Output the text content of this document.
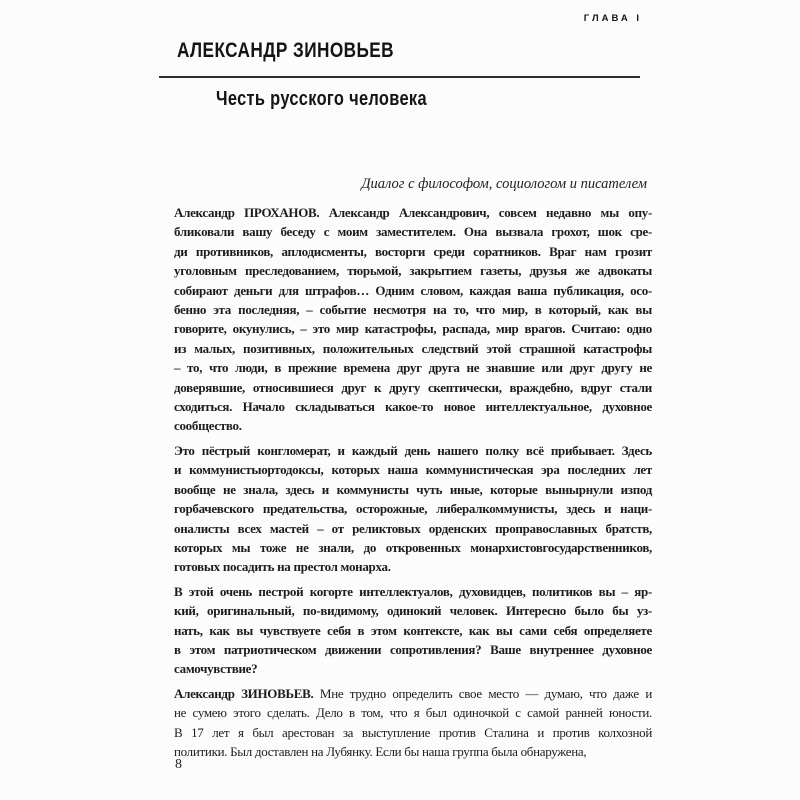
ГЛАВА I
АЛЕКСАНДР ЗИНОВЬЕВ
Честь русского человека
Диалог с философом, социологом и писателем
Александр ПРОХАНОВ. Александр Александрович, совсем недавно мы опу-
бликовали вашу беседу с моим заместителем. Она вызвала грохот, шок сре-
ди противников, аплодисменты, восторги среди соратников. Враг нам грозит
уголовным преследованием, тюрьмой, закрытием газеты, друзья же адвокаты
собирают деньги для штрафов… Одним словом, каждая ваша публикация, осо-
бенно эта последняя, – событие несмотря на то, что мир, в который, как вы
говорите, окунулись, – это мир катастрофы, распада, мир врагов. Считаю: одно
из малых, позитивных, положительных следствий этой страшной катастрофы
– то, что люди, в прежние времена друг друга не знавшие или друг другу не
доверявшие, относившиеся друг к другу скептически, враждебно, вдруг стали
сходиться. Начало складываться какое-то новое интеллектуальное, духовное
сообщество.
Это пёстрый конгломерат, и каждый день нашего полку всё прибывает. Здесь
и коммунистыортодоксы, которых наша коммунистическая эра последних лет
вообще не знала, здесь и коммунисты чуть иные, которые вынырнули изпод
горбачевского предательства, осторожные, либералкоммунисты, здесь и наци-
оналисты всех мастей – от реликтовых орденских проправославных братств,
которых мы тоже не знали, до откровенных монархистовгосударственников,
готовых посадить на престол монарха.
В этой очень пестрой когорте интеллектуалов, духовидцев, политиков вы – яр-
кий, оригинальный, по-видимому, одинокий человек. Интересно было бы уз-
нать, как вы чувствуете себя в этом контексте, как вы сами себя определяете
в этом патриотическом движении сопротивления? Ваше внутреннее духовное
самочувствие?
Александр ЗИНОВЬЕВ. Мне трудно определить свое место — думаю, что даже и
не сумею этого сделать. Дело в том, что я был одиночкой с самой ранней юности.
В 17 лет я был арестован за выступление против Сталина и против колхозной
политики. Был доставлен на Лубянку. Если бы наша группа была обнаружена,
8
